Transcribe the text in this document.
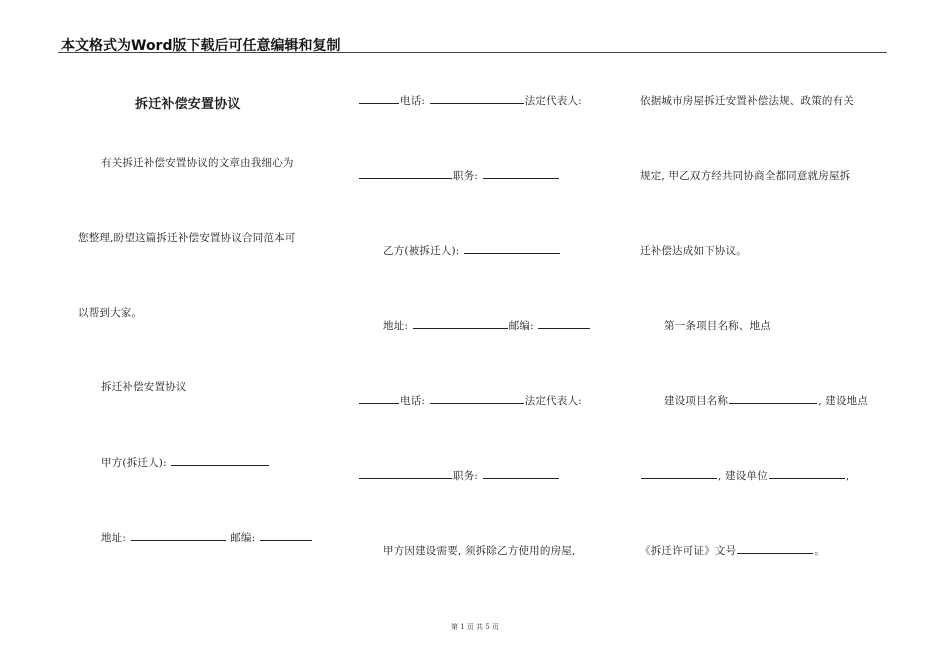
本文格式为Word版下载后可任意编辑和复制
拆迁补偿安置协议
有关拆迁补偿安置协议的文章由我细心为
您整理,盼望这篇拆迁补偿安置协议合同范本可
以帮到大家。
拆迁补偿安置协议
甲方(拆迁人):
地址:	邮编:
电话:	法定代表人:
职务:
乙方(被拆迁人):
地址:	邮编:
电话:	法定代表人:
职务:
甲方因建设需要, 须拆除乙方使用的房屋,
依据城市房屋拆迁安置补偿法规、政策的有关
规定, 甲乙双方经共同协商全都同意就房屋拆
迁补偿达成如下协议。
第一条项目名称、地点
建设项目名称	, 建设地点
, 建设单位	,
《拆迁许可证》文号	。
第 1 页 共 5 页
